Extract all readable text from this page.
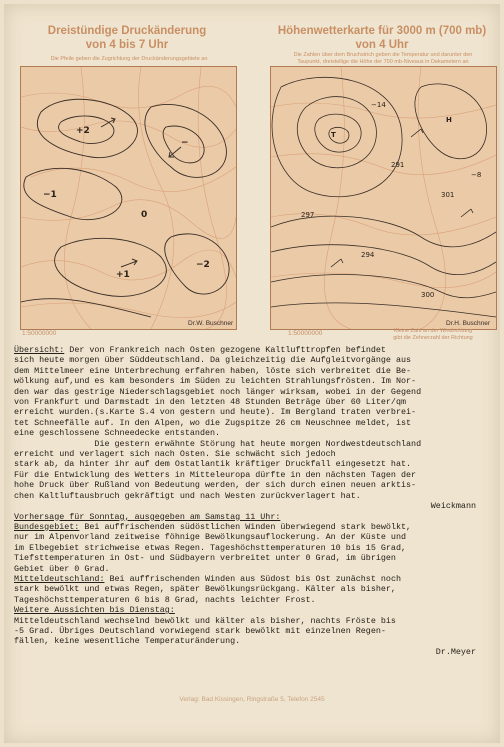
Dreistündige Druckänderung
von 4 bis 7 Uhr
Die Pfeile geben die Zugrichtung der Druckänderungsgebiete an
+2
−
−1
+1
−2
0
1:50000000
Dr.W. Buschner
Höhenwetterkarte für 3000 m (700 mb)
von 4 Uhr
Die Zahlen über dem Bruchstrich geben die Temperatur und darunter den
Taupunkt, dreistellige die Höhe der 700 mb-Niveaus in Dekametern an
T
H
291
297
301
294
300
−8
−14
1:50000000	Kleine Zahl an der Windrichtung
gibt die Zehnerzahl der Richtung
Dr.H. Buschner

Übersicht: Der von Frankreich nach Osten gezogene Kaltlufttropfen befindet

sich heute morgen über Süddeutschland. Da gleichzeitig die Aufgleitvorgänge aus

dem Mittelmeer eine Unterbrechung erfahren haben, löste sich verbreitet die Be-

wölkung auf,und es kam besonders im Süden zu leichten Strahlungsfrösten. Im Nor-

den war das gestrige Niederschlagsgebiet noch länger wirksam, wobei in der Gegend

von Frankfurt und Darmstadt in den letzten 48 Stunden Beträge über 60 Liter/qm

erreicht wurden.(s.Karte S.4 von gestern und heute). Im Bergland traten verbrei-

tet Schneefälle auf. In den Alpen, wo die Zugspitze 26 cm Neuschnee meldet, ist

eine geschlossene Schneedecke entstanden.

Die gestern erwähnte Störung hat heute morgen Nordwestdeutschland

erreicht und verlagert sich nach Osten. Sie schwächt sich jedoch

stark ab, da hinter ihr auf dem Ostatlantik kräftiger Druckfall eingesetzt hat.

Für die Entwicklung des Wetters in Mitteleuropa dürfte in den nächsten Tagen der

hohe Druck über Rußland von Bedeutung werden, der sich durch einen neuen arktis-

chen Kaltluftausbruch gekräftigt und nach Westen zurückverlagert hat.

Weickmann

Vorhersage für Sonntag, ausgegeben am Samstag 11 Uhr:

Bundesgebiet: Bei auffrischenden südöstlichen Winden überwiegend stark bewölkt,

nur im Alpenvorland zeitweise föhnige Bewölkungsauflockerung. An der Küste und

im Elbegebiet strichweise etwas Regen. Tageshöchsttemperaturen 10 bis 15 Grad,

Tiefsttemperaturen in Ost- und Südbayern verbreitet unter 0 Grad, im übrigen

Gebiet über 0 Grad.

Mitteldeutschland: Bei auffrischenden Winden aus Südost bis Ost zunächst noch

stark bewölkt und etwas Regen, später Bewölkungsrückgang. Kälter als bisher,

Tageshöchsttemperaturen 6 bis 8 Grad, nachts leichter Frost.

Weitere Aussichten bis Dienstag:

Mitteldeutschland wechselnd bewölkt und kälter als bisher, nachts Fröste bis

-5 Grad. Übriges Deutschland vorwiegend stark bewölkt mit einzelnen Regen-

fällen, keine wesentliche Temperaturänderung.

Dr.Meyer

Verlag: Bad Kissingen, Ringstraße 5, Telefon 2545
